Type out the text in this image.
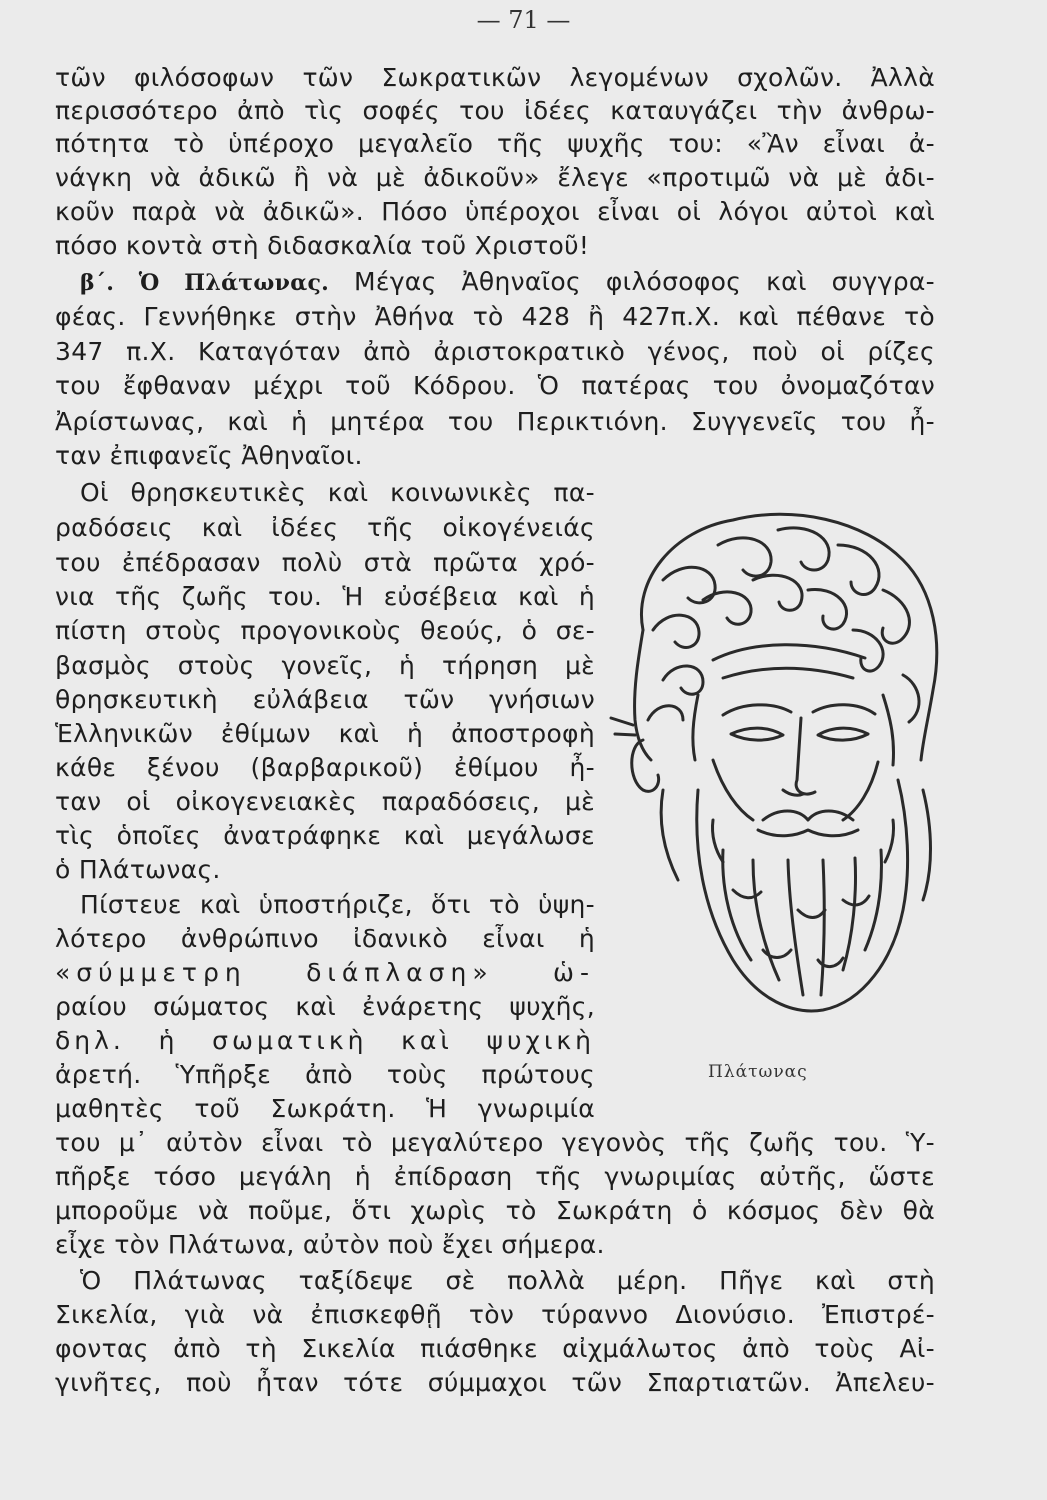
— 71 —
τῶν φιλόσοφων τῶν Σωκρατικῶν λεγομένων σχολῶν. Ἀλλὰ
περισσότερο ἀπὸ τὶς σοφές του ἰδέες καταυγάζει τὴν ἀνθρω-
πότητα τὸ ὑπέροχο μεγαλεῖο τῆς ψυχῆς του: «Ἂν εἶναι ἀ-
νάγκη νὰ ἀδικῶ ἢ νὰ μὲ ἀδικοῦν» ἔλεγε «προτιμῶ νὰ μὲ ἀδι-
κοῦν παρὰ νὰ ἀδικῶ». Πόσο ὑπέροχοι εἶναι οἱ λόγοι αὐτοὶ καὶ
πόσο κοντὰ στὴ διδασκαλία τοῦ Χριστοῦ!
β΄. Ὁ Πλάτωνας. Μέγας Ἀθηναῖος φιλόσοφος καὶ συγγρα-
φέας. Γεννήθηκε στὴν Ἀθήνα τὸ 428 ἢ 427π.Χ. καὶ πέθανε τὸ
347 π.Χ. Καταγόταν ἀπὸ ἀριστοκρατικὸ γένος, ποὺ οἱ ρίζες
του ἔφθαναν μέχρι τοῦ Κόδρου. Ὁ πατέρας του ὀνομαζόταν
Ἀρίστωνας, καὶ ἡ μητέρα του Περικτιόνη. Συγγενεῖς του ἦ-
ταν ἐπιφανεῖς Ἀθηναῖοι.
Οἱ θρησκευτικὲς καὶ κοινωνικὲς πα-
ραδόσεις καὶ ἰδέες τῆς οἰκογένειάς
του ἐπέδρασαν πολὺ στὰ πρῶτα χρό-
νια τῆς ζωῆς του. Ἡ εὐσέβεια καὶ ἡ
πίστη στοὺς προγονικοὺς θεούς, ὁ σε-
βασμὸς στοὺς γονεῖς, ἡ τήρηση μὲ
θρησκευτικὴ εὐλάβεια τῶν γνήσιων
Ἑλληνικῶν ἐθίμων καὶ ἡ ἀποστροφὴ
κάθε ξένου (βαρβαρικοῦ) ἐθίμου ἦ-
ταν οἱ οἰκογενειακὲς παραδόσεις, μὲ
τὶς ὁποῖες ἀνατράφηκε καὶ μεγάλωσε
ὁ Πλάτωνας.
Πίστευε καὶ ὑποστήριζε, ὅτι τὸ ὑψη-
λότερο ἀνθρώπινο ἰδανικὸ εἶναι ἡ
«σύμμετρη διάπλαση» ὡ-
ραίου σώματος καὶ ἐνάρετης ψυχῆς,
δηλ. ἡ σωματικὴ καὶ ψυχικὴ
ἀρετή. Ὑπῆρξε ἀπὸ τοὺς πρώτους
μαθητὲς τοῦ Σωκράτη. Ἡ γνωριμία
του μ᾽ αὐτὸν εἶναι τὸ μεγαλύτερο γεγονὸς τῆς ζωῆς του. Ὑ-
πῆρξε τόσο μεγάλη ἡ ἐπίδραση τῆς γνωριμίας αὐτῆς, ὥστε
μποροῦμε νὰ ποῦμε, ὅτι χωρὶς τὸ Σωκράτη ὁ κόσμος δὲν θὰ
εἶχε τὸν Πλάτωνα, αὐτὸν ποὺ ἔχει σήμερα.
Ὁ Πλάτωνας ταξίδεψε σὲ πολλὰ μέρη. Πῆγε καὶ στὴ
Σικελία, γιὰ νὰ ἐπισκεφθῇ τὸν τύραννο Διονύσιο. Ἐπιστρέ-
φοντας ἀπὸ τὴ Σικελία πιάσθηκε αἰχμάλωτος ἀπὸ τοὺς Αἰ-
γινῆτες, ποὺ ἦταν τότε σύμμαχοι τῶν Σπαρτιατῶν. Ἀπελευ-
Πλάτωνας
